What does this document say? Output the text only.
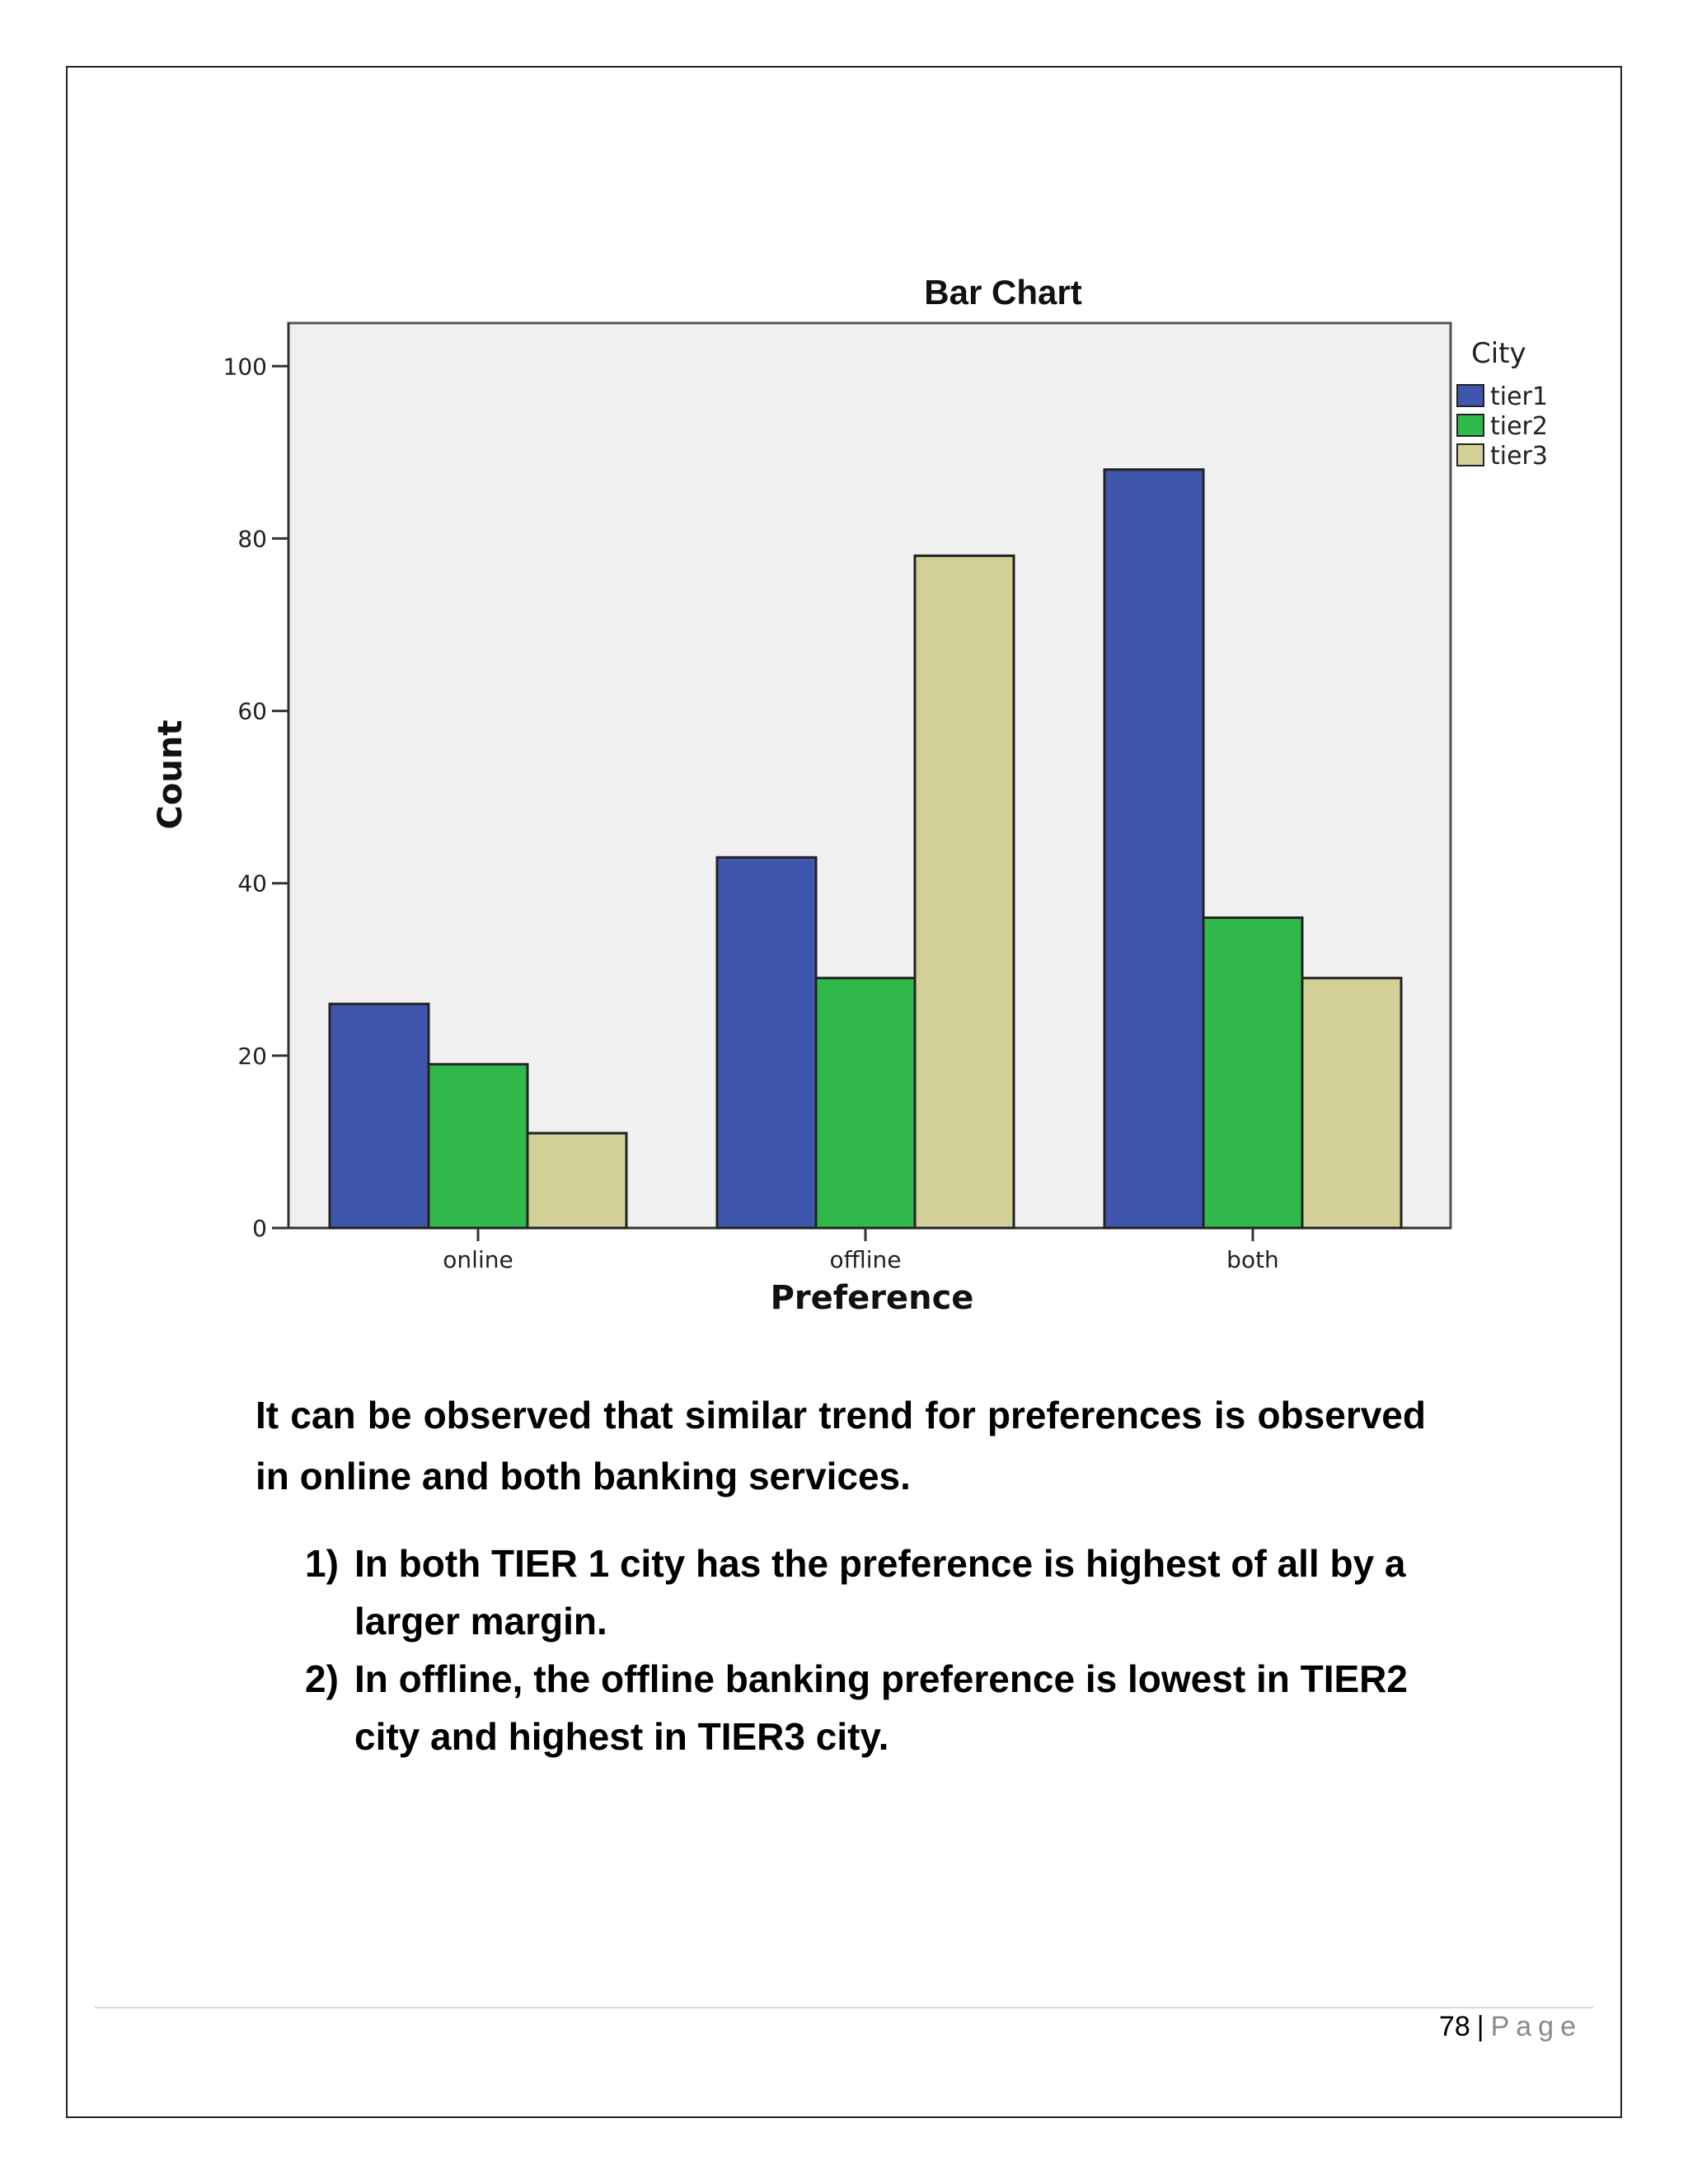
Bar Chart
0
20
40
60
80
100
online	offline	both
Preference
Count
City
tier1
tier2
tier3
It can be observed that similar trend for preferences is observed in online and both banking services.
1) In both TIER 1 city has the preference is highest of all by a larger margin.
2) In offline, the offline banking preference is lowest in TIER2 city and highest in TIER3 city.
78 | Page
